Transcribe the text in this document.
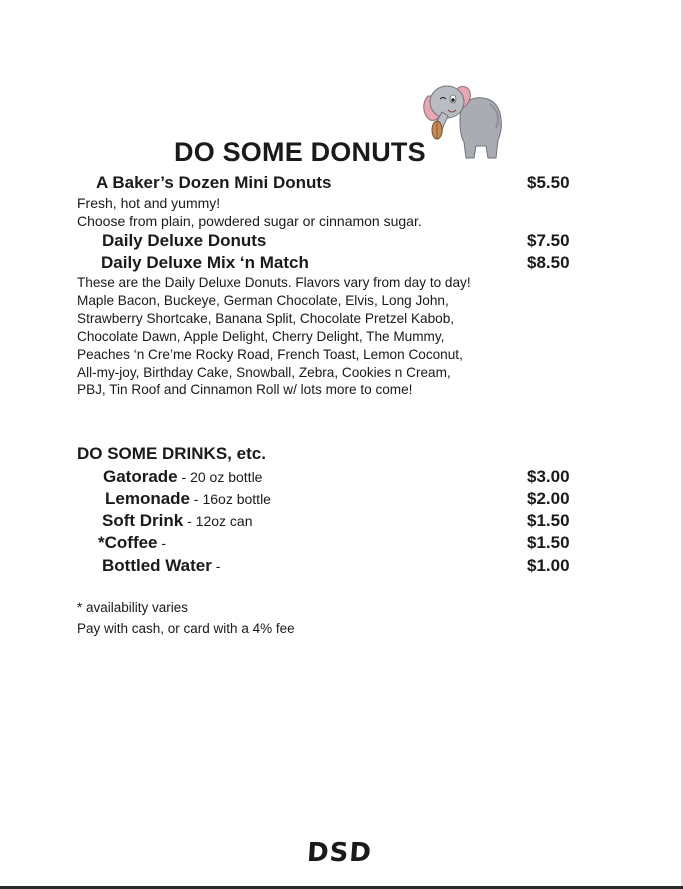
DO SOME DONUTS
A Baker’s Dozen Mini Donuts	$5.50
Fresh, hot and yummy!
Choose from plain, powdered sugar or cinnamon sugar.
Daily Deluxe Donuts	$7.50
Daily Deluxe Mix ‘n Match	$8.50
These are the Daily Deluxe Donuts. Flavors vary from day to day!
Maple Bacon, Buckeye, German Chocolate, Elvis, Long John,
Strawberry Shortcake, Banana Split, Chocolate Pretzel Kabob,
Chocolate Dawn, Apple Delight, Cherry Delight, The Mummy,
Peaches ‘n Cre’me Rocky Road, French Toast, Lemon Coconut,
All-my-joy, Birthday Cake, Snowball, Zebra, Cookies n Cream,
PBJ, Tin Roof and Cinnamon Roll w/ lots more to come!
DO SOME DRINKS, etc.
Gatorade - 20 oz bottle	$3.00
Lemonade - 16oz bottle	$2.00
Soft Drink - 12oz can	$1.50
*Coffee -	$1.50
Bottled Water -	$1.00
* availability varies
Pay with cash, or card with a 4% fee
DSD
